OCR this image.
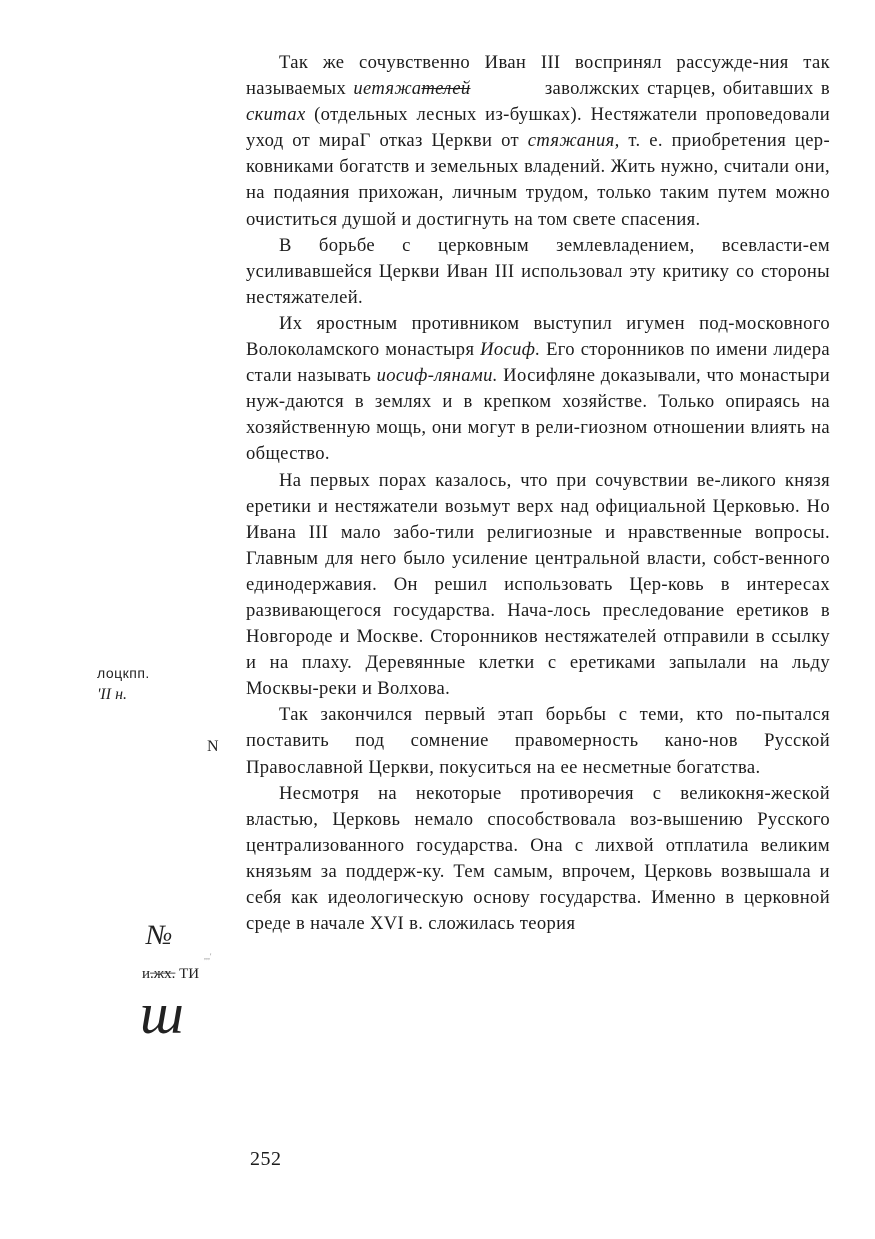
Так же сочувственно Иван III воспринял рассужде-ния так называемых иетяжателей	заволжских старцев, обитавших в скитах (отдельных лесных из-бушках). Нестяжатели проповедовали уход от мираГ отказ Церкви от стяжания, т. е. приобретения цер-ковниками богатств и земельных владений. Жить нужно, считали они, на подаяния прихожан, личным трудом, только таким путем можно очиститься душой и достигнуть на том свете спасения.

В борьбе с церковным землевладением, всевласти-ем усиливавшейся Церкви Иван III использовал эту критику со стороны нестяжателей.

Их яростным противником выступил игумен под-московного Волоколамского монастыря Иосиф. Его сторонников по имени лидера стали называть иосиф-лянами. Иосифляне доказывали, что монастыри нуж-даются в землях и в крепком хозяйстве. Только опираясь на хозяйственную мощь, они могут в рели-гиозном отношении влиять на общество.

На первых порах казалось, что при сочувствии ве-ликого князя еретики и нестяжатели возьмут верх над официальной Церковью. Но Ивана III мало забо-тили религиозные и нравственные вопросы. Главным для него было усиление центральной власти, собст-венного единодержавия. Он решил использовать Цер-ковь в интересах развивающегося государства. Нача-лось преследование еретиков в Новгороде и Москве. Сторонников нестяжателей отправили в ссылку и на плаху. Деревянные клетки с еретиками запылали на льду Москвы-реки и Волхова.

Так закончился первый этап борьбы с теми, кто по-пытался поставить под сомнение правомерность кано-нов Русской Православной Церкви, покуситься на ее несметные богатства.

Несмотря на некоторые противоречия с великокня-жеской властью, Церковь немало способствовала воз-вышению Русского централизованного государства. Она с лихвой отплатила великим князьям за поддерж-ку. Тем самым, впрочем, Церковь возвышала и себя как идеологическую основу государства. Именно в церковной среде в начале XVI в. сложилась теория

лоцкпп.
'II н.
N
№
,,,'
и.̶ж̶х̶. ТИ
ш
252
